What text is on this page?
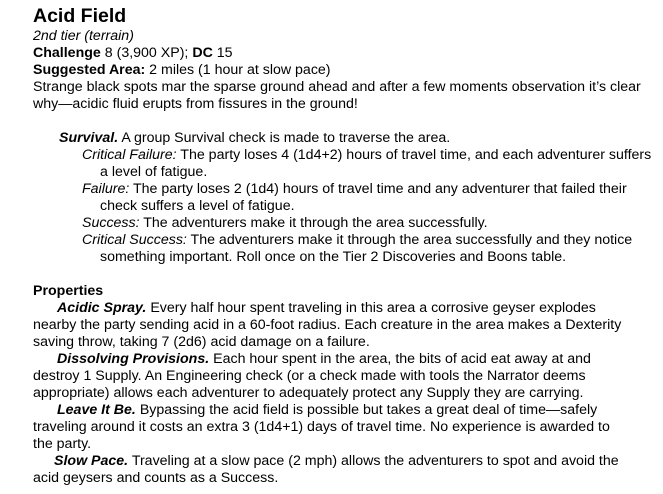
Acid Field
2nd tier (terrain)
Challenge 8 (3,900 XP); DC 15
Suggested Area: 2 miles (1 hour at slow pace)
Strange black spots mar the sparse ground ahead and after a few moments observation it’s clear why—acidic fluid erupts from fissures in the ground!
Survival. A group Survival check is made to traverse the area.
Critical Failure: The party loses 4 (1d4+2) hours of travel time, and each adventurer suffers a level of fatigue.
Failure: The party loses 2 (1d4) hours of travel time and any adventurer that failed their check suffers a level of fatigue.
Success: The adventurers make it through the area successfully.
Critical Success: The adventurers make it through the area successfully and they notice something important. Roll once on the Tier 2 Discoveries and Boons table.
Properties
Acidic Spray. Every half hour spent traveling in this area a corrosive geyser explodes nearby the party sending acid in a 60-foot radius. Each creature in the area makes a Dexterity saving throw, taking 7 (2d6) acid damage on a failure.
Dissolving Provisions. Each hour spent in the area, the bits of acid eat away at and destroy 1 Supply. An Engineering check (or a check made with tools the Narrator deems appropriate) allows each adventurer to adequately protect any Supply they are carrying.
Leave It Be. Bypassing the acid field is possible but takes a great deal of time—safely traveling around it costs an extra 3 (1d4+1) days of travel time. No experience is awarded to the party.
Slow Pace. Traveling at a slow pace (2 mph) allows the adventurers to spot and avoid the acid geysers and counts as a Success.
